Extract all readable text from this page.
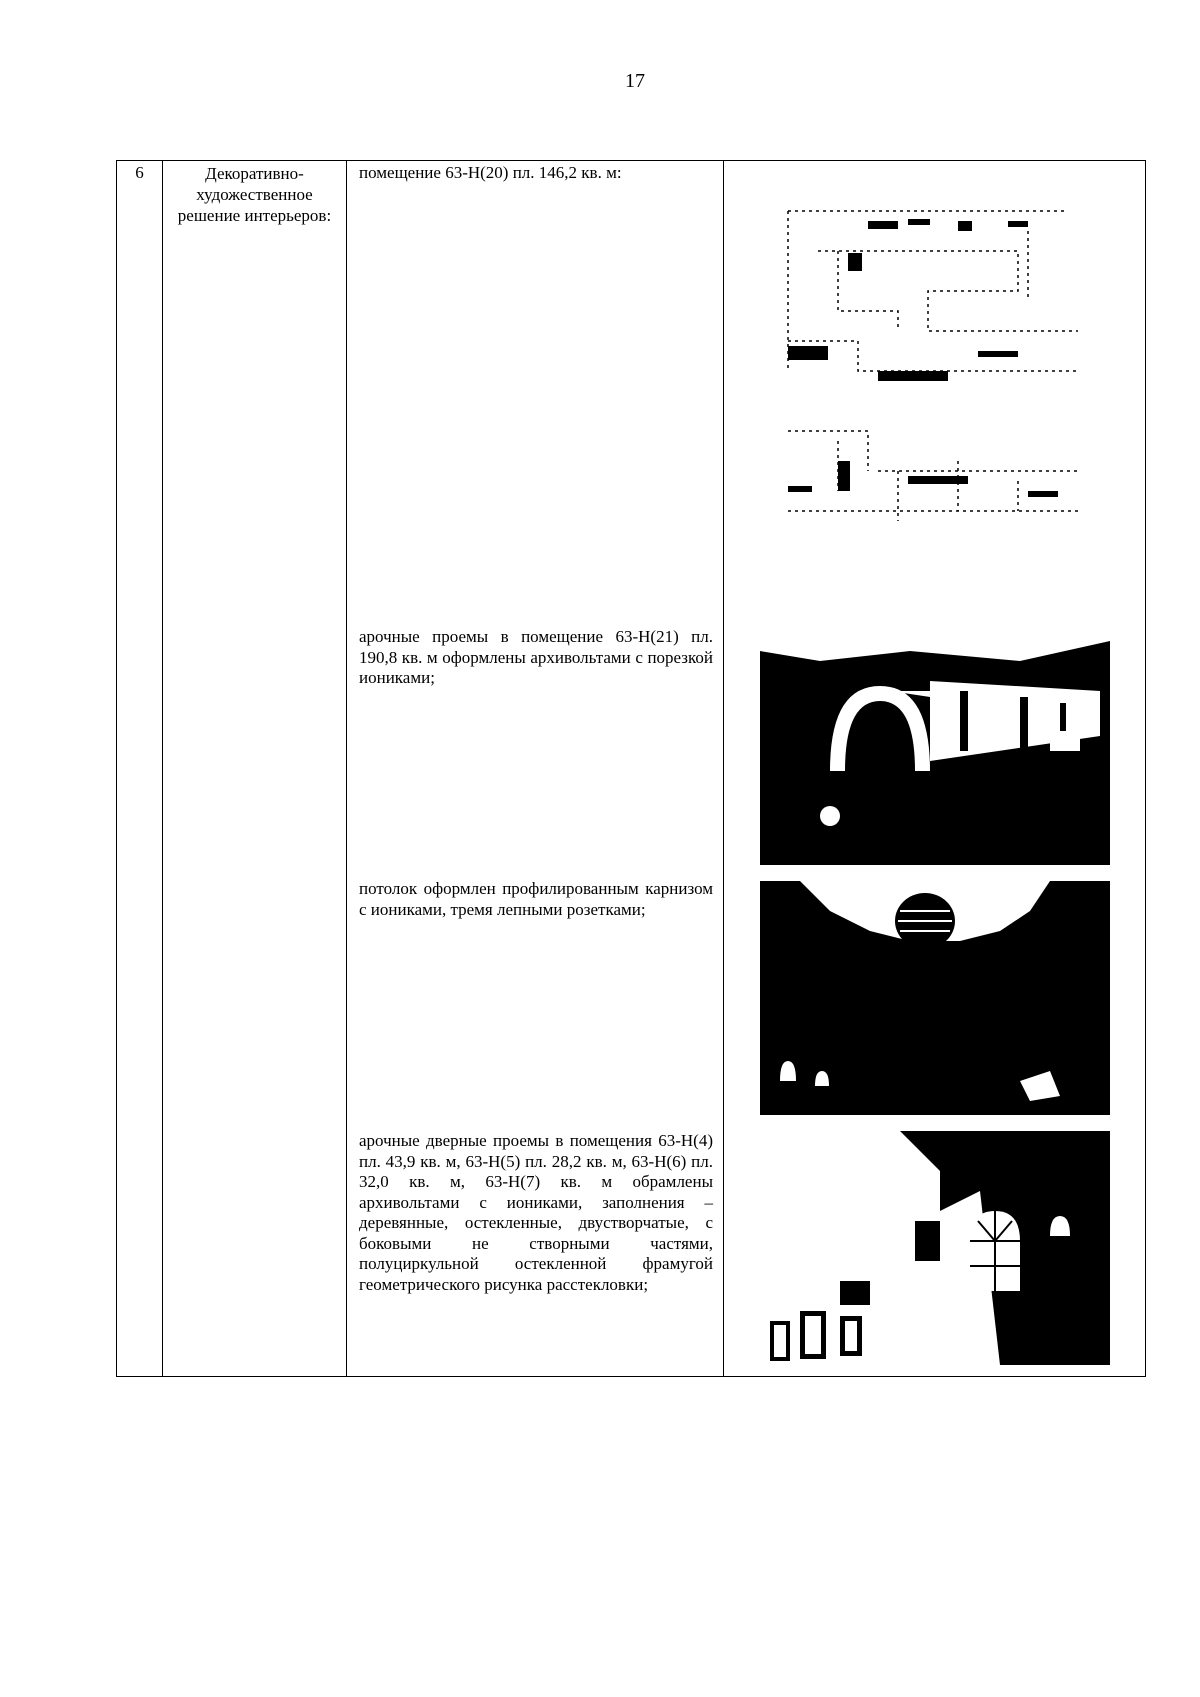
17
6	Декоративно-художественное решение интерьеров:	
помещение 63-Н(20) пл. 146,2 кв. м:
арочные проемы в помещение 63-Н(21) пл. 190,8 кв. м оформлены архивольтами с порезкой иониками;
потолок оформлен профилированным карнизом с иониками, тремя лепными розетками;
арочные дверные проемы в помещения 63-Н(4) пл. 43,9 кв. м, 63-Н(5) пл. 28,2 кв. м, 63-Н(6) пл. 32,0 кв. м, 63-Н(7) кв. м обрамлены архивольтами с иониками, заполнения – деревянные, остекленные, двустворчатые, с боковыми не створными частями, полуциркульной остекленной фрамугой геометрического рисунка расстекловки;
